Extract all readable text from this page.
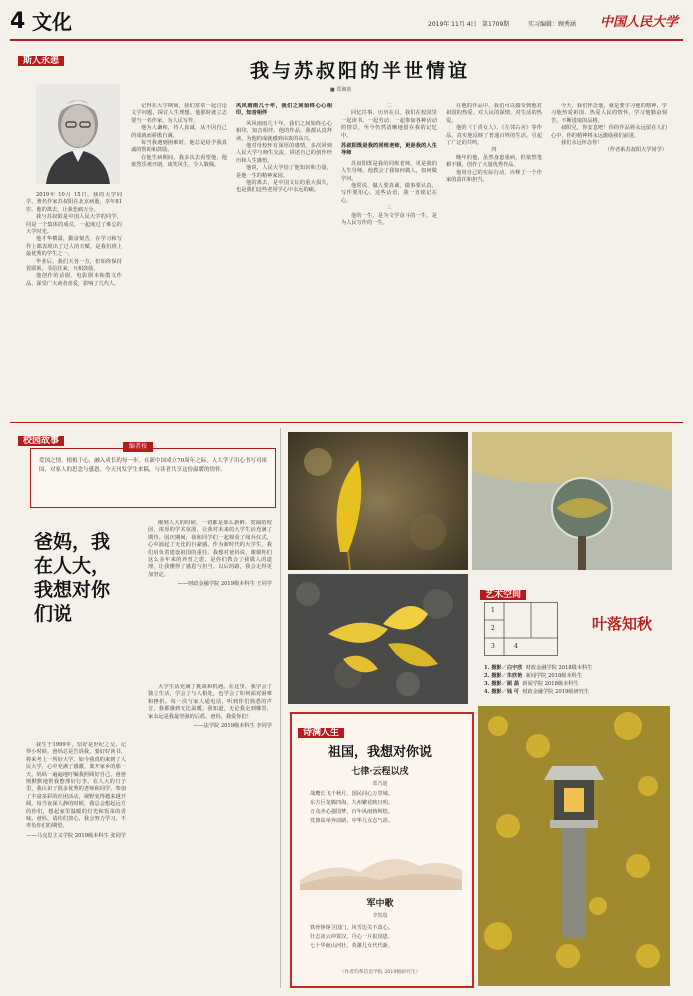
4 文化	2019年 11月 4日 第1709期	实习编辑：顾秀涵 中国人民大学
斯人永恙	我与苏叔阳的半世情谊
■ 郑湘筱

2019年 10月 15日，我的大学同学、著名作家苏叔阳在北京病逝，享年81岁。他的离去，让我悲痛万分。

我与苏叔阳是中国人民大学的同学，同是一个集体的成员，一起度过了难忘的大学时光。

他才华横溢，勤奋刻苦，在学习和写作上都表现出了过人的天赋，是我们班上最优秀的学生之一。

毕业后，我们天各一方，但始终保持着联系，书信往来，互相鼓励。

他创作的话剧、电影剧本和散文作品，深受广大读者喜爱，影响了几代人。

记得在大学期间，我们常常一起讨论文学问题，探讨人生理想。他那时就立志要当一名作家，为人民写作。

他为人谦和，待人真诚，从不因自己的成就而骄傲自满。

每当我遇到困难时，他总是给予我真诚的帮助和鼓励。

在他生病期间，我多次去看望他，他依然乐观开朗，谈笑风生，令人敬佩。

风风雨雨几十年，我们之间始终心心相印，知音相伴

风风雨雨几十年，我们之间始终心心相印，知音相伴。他的作品，我都认真拜读，为他的成就感到由衷的高兴。

他对母校怀有深厚的感情，多次回到人民大学与师生交流，讲述自己的创作经历和人生感悟。

他说，人民大学给了他知识和力量，是他一生的精神家园。

他的离去，是中国文坛的重大损失，也是我们这些老同学心中永远的痛。

二

回忆往事，历历在目。我们在校园里一起读书、一起劳动、一起参加各种活动的情景，至今仍然清晰地留在我的记忆中。

苏叔阳既是我的同班老师，更是我的人生导师

苏叔阳既是我的同班老师，更是我的人生导师。他教会了我如何做人，如何做学问。

他常说，做人要真诚，做事要认真，写作要用心。这些话语，我一直铭记在心。

三

他的一生，是为文学奋斗的一生，是为人民写作的一生。

在他的作品中，我们可以感受到他对祖国的热爱、对人民的深情、对生活的热爱。

他的《丁香女人》、《左邻右舍》等作品，真实地反映了普通百姓的生活，引起了广泛的共鸣。

四

晚年的他，虽然身患重病，但依然笔耕不辍，创作了大量优秀作品。

他用自己的实际行动，诠释了一个作家的责任和担当。

今天，我们怀念他，就是要学习他的精神，学习他热爱祖国、热爱人民的情怀，学习他勤奋刻苦、不断进取的品格。

叔阳兄，你安息吧！你的作品将永远留在人们心中，你的精神将永远激励我们前进。

我们永远怀念你！

（作者系苏叔阳大学同学）

校园故事
编者按
爱国之情，植根于心，融入成长的每一步。在新中国成立70周年之际，人大学子用心书写对祖国、对家人的思念与感恩。今天刊发学生来稿，与读者共享这份温暖的情怀。
爸妈，我在人大，我想对你们说

我生于1999年，恰好是世纪之交。记得小时候，爸妈总是告诉我，要好好读书，将来考上一所好大学。如今我真的来到了人民大学，心中充满了感激。离开家乡的那一天，妈妈一遍遍地叮嘱我照顾好自己，爸爸则默默地帮我整理好行李。在人大的日子里，我认识了很多优秀的老师和同学，参加了丰富多彩的社团活动，视野变得越来越开阔。每当夜深人静的时候，我总会想起远方的你们，想起家里温暖的灯光和饭菜的香味。爸妈，请你们放心，我会努力学习，不辜负你们的期望。

——马克思主义学院 2019级本科生 张同学

刚到人大的时候，一切都是那么新鲜。宽阔的校园，浓厚的学术氛围，让我对未来的大学生活充满了期待。国庆期间，我和同学们一起观看了阅兵仪式，心中涌起了无比的自豪感。作为新时代的大学生，我们肩负着建设祖国的重任。我想对爸妈说，谢谢你们这么多年来的养育之恩，是你们教会了我做人的道理，让我懂得了感恩与担当。以后的路，我会走得更加坚定。

——财政金融学院 2019级本科生 王同学

大学生活充满了挑战和机遇。在这里，我学会了独立生活，学会了与人相处，也学会了如何面对困难和挫折。每一次与家人通电话，听到你们熟悉的声音，我都感到无比温暖。我知道，无论我走到哪里，家永远是我最坚强的后盾。爸妈，我爱你们！

——法学院 2019级本科生 李同学
艺术空间
1
2
3	4
叶落知秋
1. 摄影／白宇欣 财政金融学院 2018级本科生
2. 摄影／朱欣艳 新闻学院 2018级本科生
3. 摄影／顾 菡 新闻学院 2018级本科生
4. 摄影／钱 可 财政金融学院 2019级研究生
诗满人生
祖国，我想对你说
七律·云程以戌
郑乃迪
战鹰长飞千秋月，国民同心万里城。
东方巨龙腾四海，九州繁花映日明。
万众齐心强国梦，百年风雨铸辉煌。
党旗高举奔前路，中华儿女志气昂。
军中歌
李凯瑞
铁骨铮铮卫国门，风雪边关不改心。
壮志凌云冲霄汉，丹心一片报国恩。
七十华诞山河壮，英雄儿女代代新。
（作者均系信息学院 2019级研究生）
